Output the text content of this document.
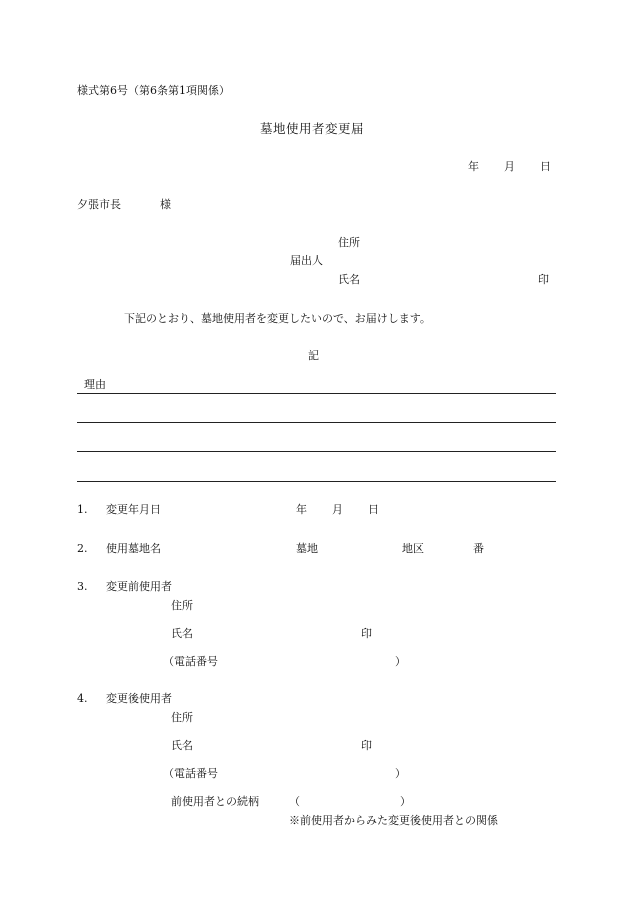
様式第6号（第6条第1項関係）
墓地使用者変更届
年 月 日
夕張市長	様
住所
届出人
氏名	印
下記のとおり、墓地使用者を変更したいので、お届けします。
記
理由
1. 変更年月日	年 月 日
2. 使用墓地名	墓地	地区	番
3. 変更前使用者
住所
氏名	印
（電話番号	）
4. 変更後使用者
住所
氏名	印
（電話番号	）
前使用者との続柄	（	）
※前使用者からみた変更後使用者との関係
